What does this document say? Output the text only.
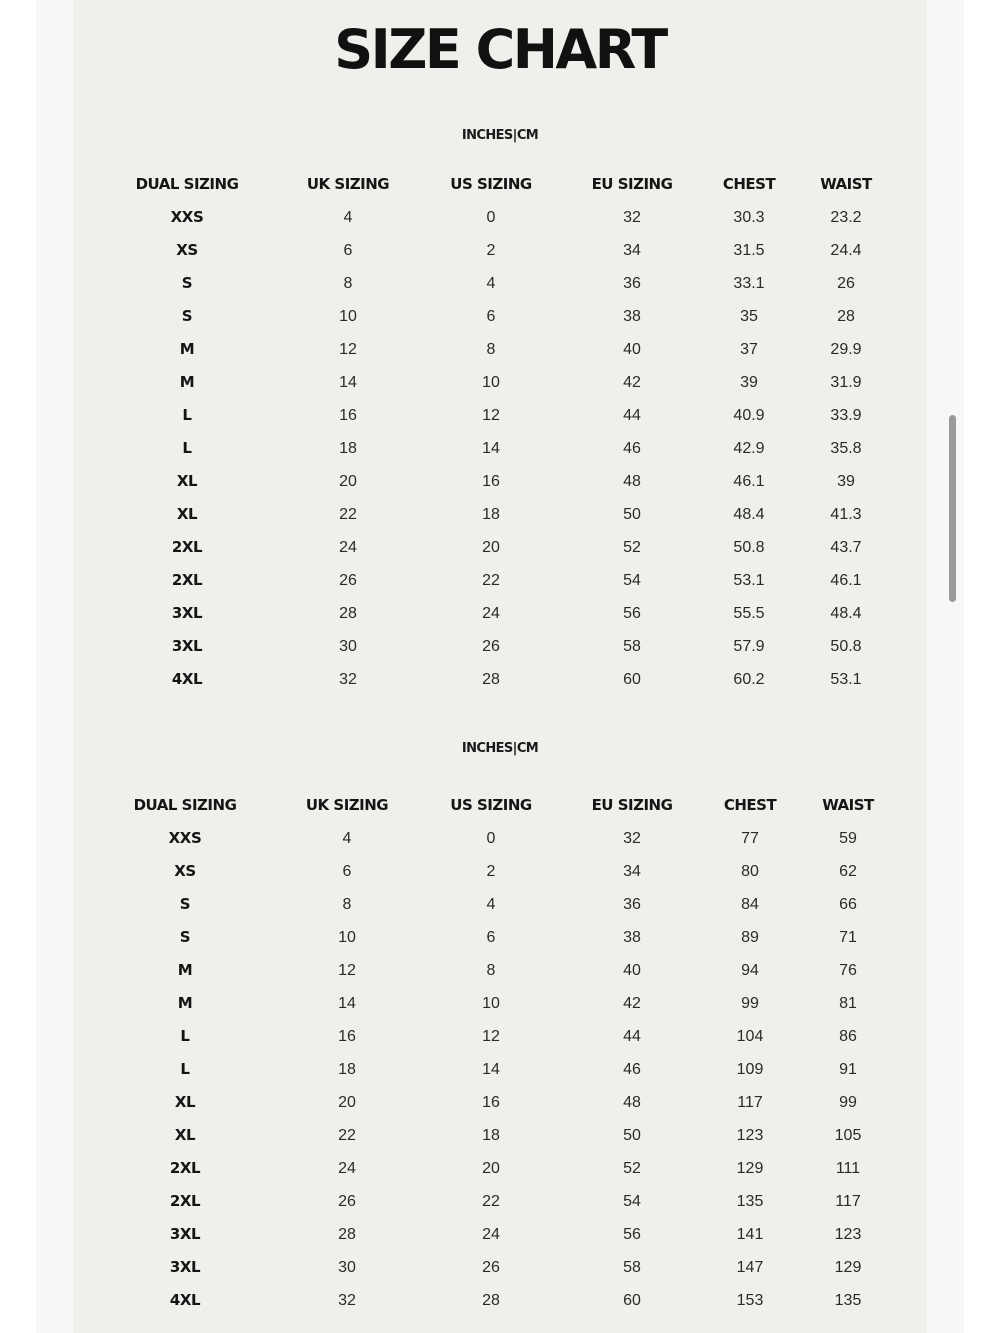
SIZE CHART
INCHES|CM
DUAL SIZING	UK SIZING	US SIZING	EU SIZING	CHEST	WAIST
XXS	4	0	32	30.3	23.2
XS	6	2	34	31.5	24.4
S	8	4	36	33.1	26
S	10	6	38	35	28
M	12	8	40	37	29.9
M	14	10	42	39	31.9
L	16	12	44	40.9	33.9
L	18	14	46	42.9	35.8
XL	20	16	48	46.1	39
XL	22	18	50	48.4	41.3
2XL	24	20	52	50.8	43.7
2XL	26	22	54	53.1	46.1
3XL	28	24	56	55.5	48.4
3XL	30	26	58	57.9	50.8
4XL	32	28	60	60.2	53.1
INCHES|CM
DUAL SIZING	UK SIZING	US SIZING	EU SIZING	CHEST	WAIST
XXS	4	0	32	77	59
XS	6	2	34	80	62
S	8	4	36	84	66
S	10	6	38	89	71
M	12	8	40	94	76
M	14	10	42	99	81
L	16	12	44	104	86
L	18	14	46	109	91
XL	20	16	48	117	99
XL	22	18	50	123	105
2XL	24	20	52	129	111
2XL	26	22	54	135	117
3XL	28	24	56	141	123
3XL	30	26	58	147	129
4XL	32	28	60	153	135
